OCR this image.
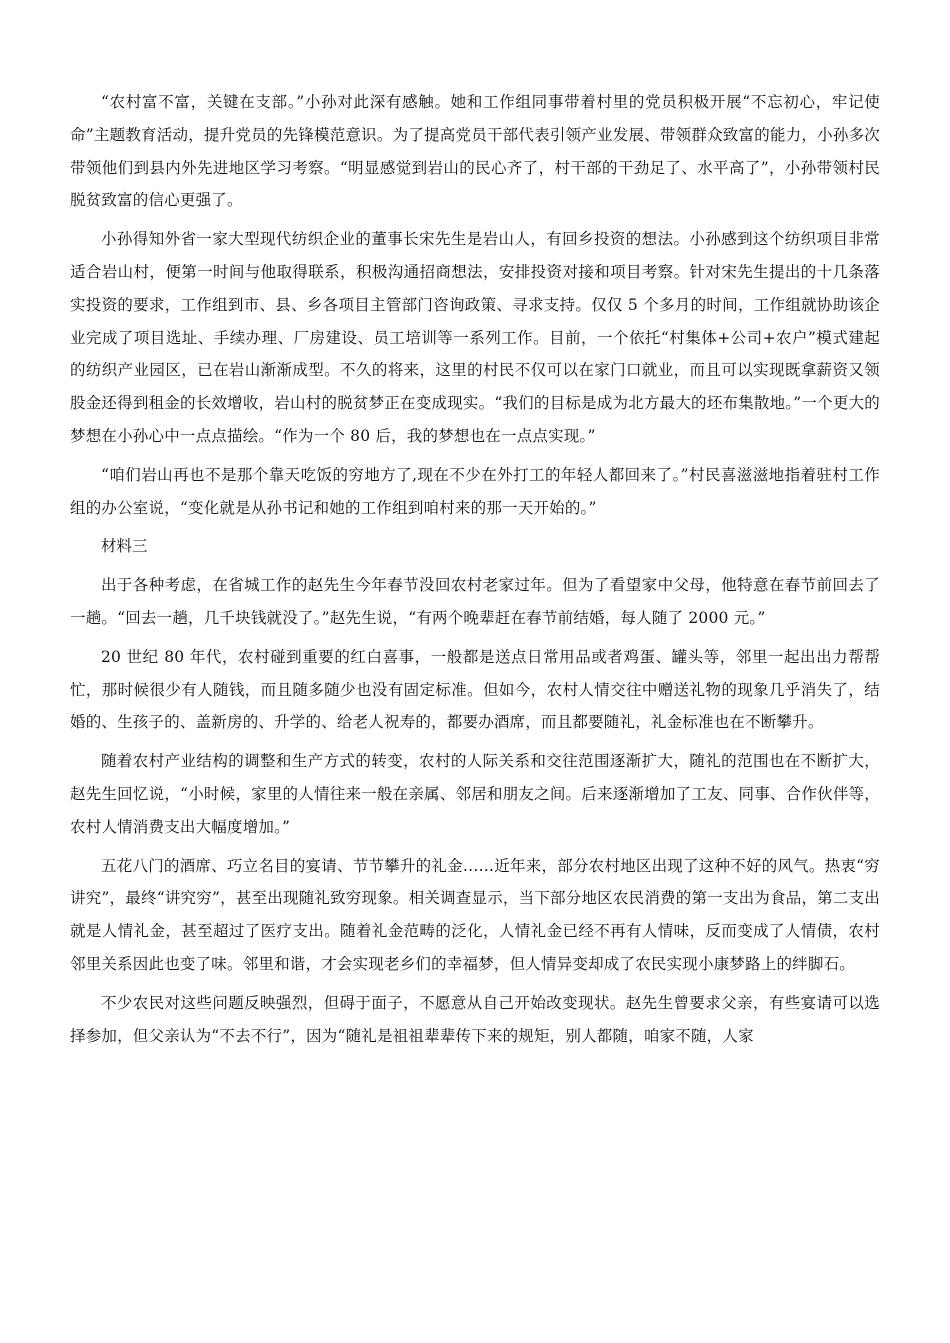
“农村富不富，关键在支部。”小孙对此深有感触。她和工作组同事带着村里的党员积极开展“不忘初心，牢记使命”主题教育活动，提升党员的先锋模范意识。为了提高党员干部代表引领产业发展、带领群众致富的能力，小孙多次带领他们到县内外先进地区学习考察。“明显感觉到岩山的民心齐了，村干部的干劲足了、水平高了”，小孙带领村民脱贫致富的信心更强了。

小孙得知外省一家大型现代纺织企业的董事长宋先生是岩山人，有回乡投资的想法。小孙感到这个纺织项目非常适合岩山村，便第一时间与他取得联系，积极沟通招商想法，安排投资对接和项目考察。针对宋先生提出的十几条落实投资的要求，工作组到市、县、乡各项目主管部门咨询政策、寻求支持。仅仅 5 个多月的时间，工作组就协助该企业完成了项目选址、手续办理、厂房建设、员工培训等一系列工作。目前，一个依托“村集体+公司+农户”模式建起的纺织产业园区，已在岩山渐渐成型。不久的将来，这里的村民不仅可以在家门口就业，而且可以实现既拿薪资又领股金还得到租金的长效增收，岩山村的脱贫梦正在变成现实。“我们的目标是成为北方最大的坯布集散地。”一个更大的梦想在小孙心中一点点描绘。“作为一个 80 后，我的梦想也在一点点实现。”

“咱们岩山再也不是那个靠天吃饭的穷地方了,现在不少在外打工的年轻人都回来了。”村民喜滋滋地指着驻村工作组的办公室说，“变化就是从孙书记和她的工作组到咱村来的那一天开始的。”

材料三

出于各种考虑，在省城工作的赵先生今年春节没回农村老家过年。但为了看望家中父母，他特意在春节前回去了一趟。“回去一趟，几千块钱就没了。”赵先生说，“有两个晚辈赶在春节前结婚，每人随了 2000 元。”

20 世纪 80 年代，农村碰到重要的红白喜事，一般都是送点日常用品或者鸡蛋、罐头等，邻里一起出出力帮帮忙，那时候很少有人随钱，而且随多随少也没有固定标准。但如今，农村人情交往中赠送礼物的现象几乎消失了，结婚的、生孩子的、盖新房的、升学的、给老人祝寿的，都要办酒席，而且都要随礼，礼金标准也在不断攀升。

随着农村产业结构的调整和生产方式的转变，农村的人际关系和交往范围逐渐扩大，随礼的范围也在不断扩大，赵先生回忆说，“小时候，家里的人情往来一般在亲属、邻居和朋友之间。后来逐渐增加了工友、同事、合作伙伴等，农村人情消费支出大幅度增加。”

五花八门的酒席、巧立名目的宴请、节节攀升的礼金……近年来，部分农村地区出现了这种不好的风气。热衷“穷讲究”，最终“讲究穷”，甚至出现随礼致穷现象。相关调查显示，当下部分地区农民消费的第一支出为食品，第二支出就是人情礼金，甚至超过了医疗支出。随着礼金范畴的泛化，人情礼金已经不再有人情味，反而变成了人情债，农村邻里关系因此也变了味。邻里和谐，才会实现老乡们的幸福梦，但人情异变却成了农民实现小康梦路上的绊脚石。

不少农民对这些问题反映强烈，但碍于面子，不愿意从自己开始改变现状。赵先生曾要求父亲，有些宴请可以选择参加，但父亲认为“不去不行”，因为“随礼是祖祖辈辈传下来的规矩，别人都随，咱家不随，人家
